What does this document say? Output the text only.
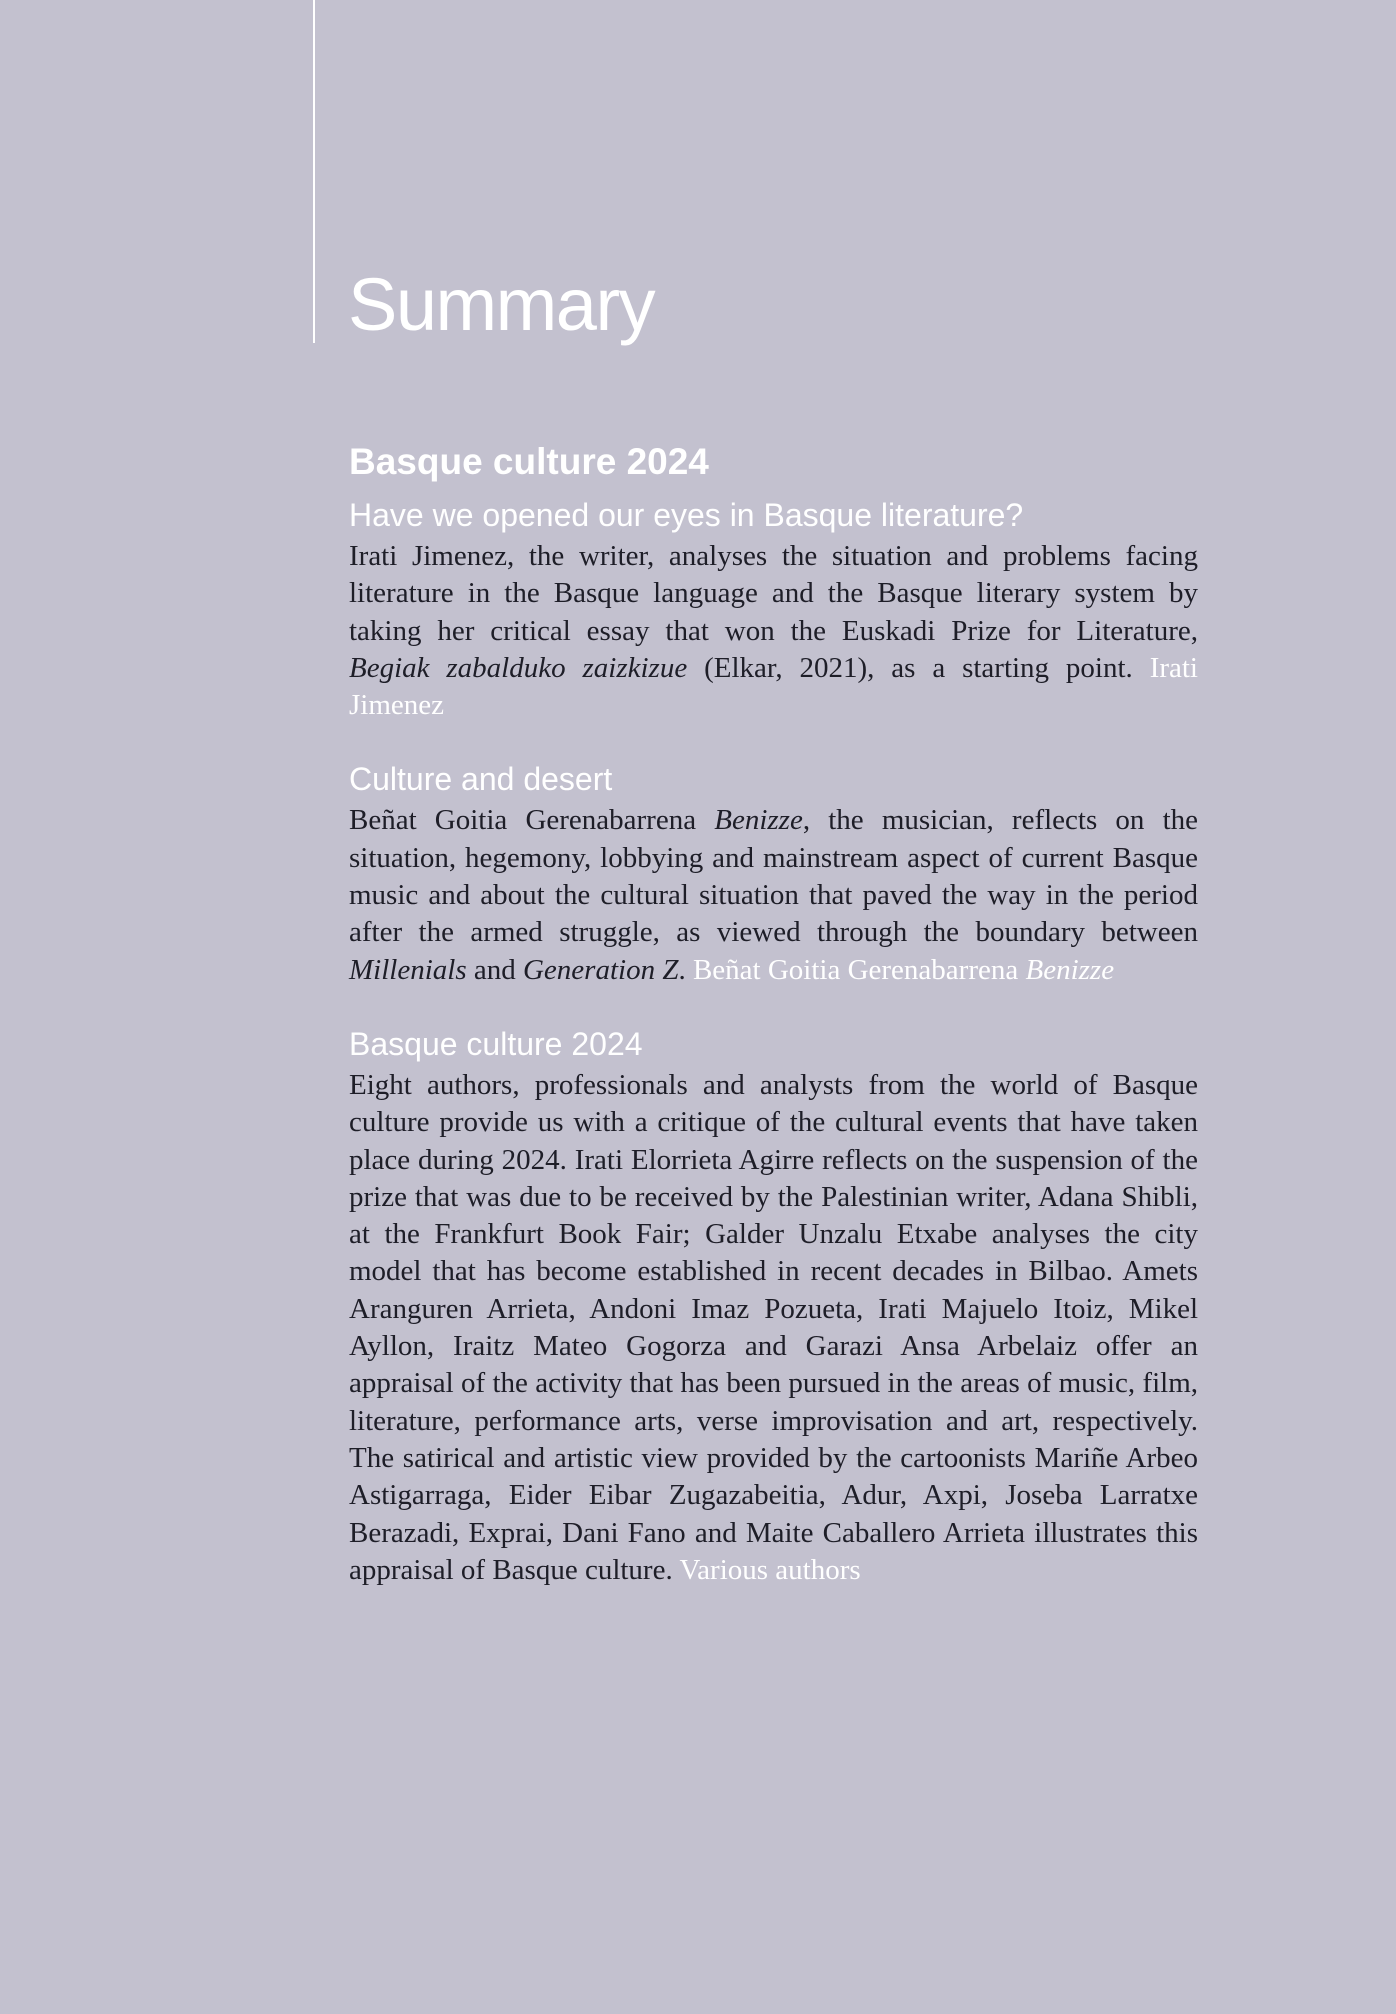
Summary
Basque culture 2024
Have we opened our eyes in Basque literature?

Irati Jimenez, the writer, analyses the situation and problems facing literature in the Basque language and the Basque literary system by taking her critical essay that won the Euskadi Prize for Literature, Begiak zabalduko zaizkizue (Elkar, 2021), as a starting point. Irati Jimenez

Culture and desert

Beñat Goitia Gerenabarrena Benizze, the musician, reflects on the situation, hegemony, lobbying and mainstream aspect of current Basque music and about the cultural situation that paved the way in the period after the armed struggle, as viewed through the boundary between Millenials and Generation Z. Beñat Goitia Gerenabarrena Benizze

Basque culture 2024

Eight authors, professionals and analysts from the world of Basque culture provide us with a critique of the cultural events that have taken place during 2024. Irati Elorrieta Agirre reflects on the suspension of the prize that was due to be received by the Palestinian writer, Adana Shibli, at the Frankfurt Book Fair; Galder Unzalu Etxabe analyses the city model that has become established in recent decades in Bilbao. Amets Aranguren Arrieta, Andoni Imaz Pozueta, Irati Majuelo Itoiz, Mikel Ayllon, Iraitz Mateo Gogorza and Garazi Ansa Arbelaiz offer an appraisal of the activity that has been pursued in the areas of music, film, literature, performance arts, verse improvisation and art, respectively. The satirical and artistic view provided by the cartoonists Mariñe Arbeo Astigarraga, Eider Eibar Zugazabeitia, Adur, Axpi, Joseba Larratxe Berazadi, Exprai, Dani Fano and Maite Caballero Arrieta illustrates this appraisal of Basque culture. Various authors
